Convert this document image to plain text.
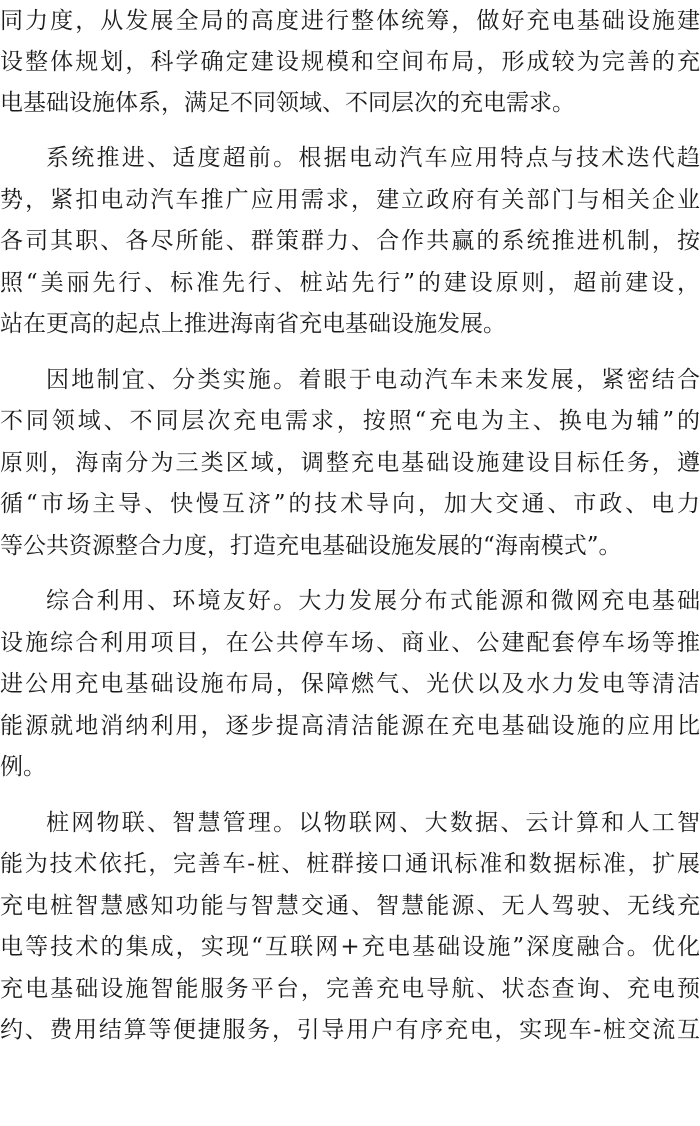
同力度，从发展全局的高度进行整体统筹，做好充电基础设施建
设整体规划，科学确定建设规模和空间布局，形成较为完善的充
电基础设施体系，满足不同领域、不同层次的充电需求。
系统推进、适度超前。根据电动汽车应用特点与技术迭代趋
势，紧扣电动汽车推广应用需求，建立政府有关部门与相关企业
各司其职、各尽所能、群策群力、合作共赢的系统推进机制，按
照“美丽先行、标准先行、桩站先行”的建设原则，超前建设，
站在更高的起点上推进海南省充电基础设施发展。
因地制宜、分类实施。着眼于电动汽车未来发展，紧密结合
不同领域、不同层次充电需求，按照“充电为主、换电为辅”的
原则，海南分为三类区域，调整充电基础设施建设目标任务，遵
循“市场主导、快慢互济”的技术导向，加大交通、市政、电力
等公共资源整合力度，打造充电基础设施发展的“海南模式”。
综合利用、环境友好。大力发展分布式能源和微网充电基础
设施综合利用项目，在公共停车场、商业、公建配套停车场等推
进公用充电基础设施布局，保障燃气、光伏以及水力发电等清洁
能源就地消纳利用，逐步提高清洁能源在充电基础设施的应用比
例。
桩网物联、智慧管理。以物联网、大数据、云计算和人工智
能为技术依托，完善车-桩、桩群接口通讯标准和数据标准，扩展
充电桩智慧感知功能与智慧交通、智慧能源、无人驾驶、无线充
电等技术的集成，实现“互联网+充电基础设施”深度融合。优化
充电基础设施智能服务平台，完善充电导航、状态查询、充电预
约、费用结算等便捷服务，引导用户有序充电，实现车-桩交流互
